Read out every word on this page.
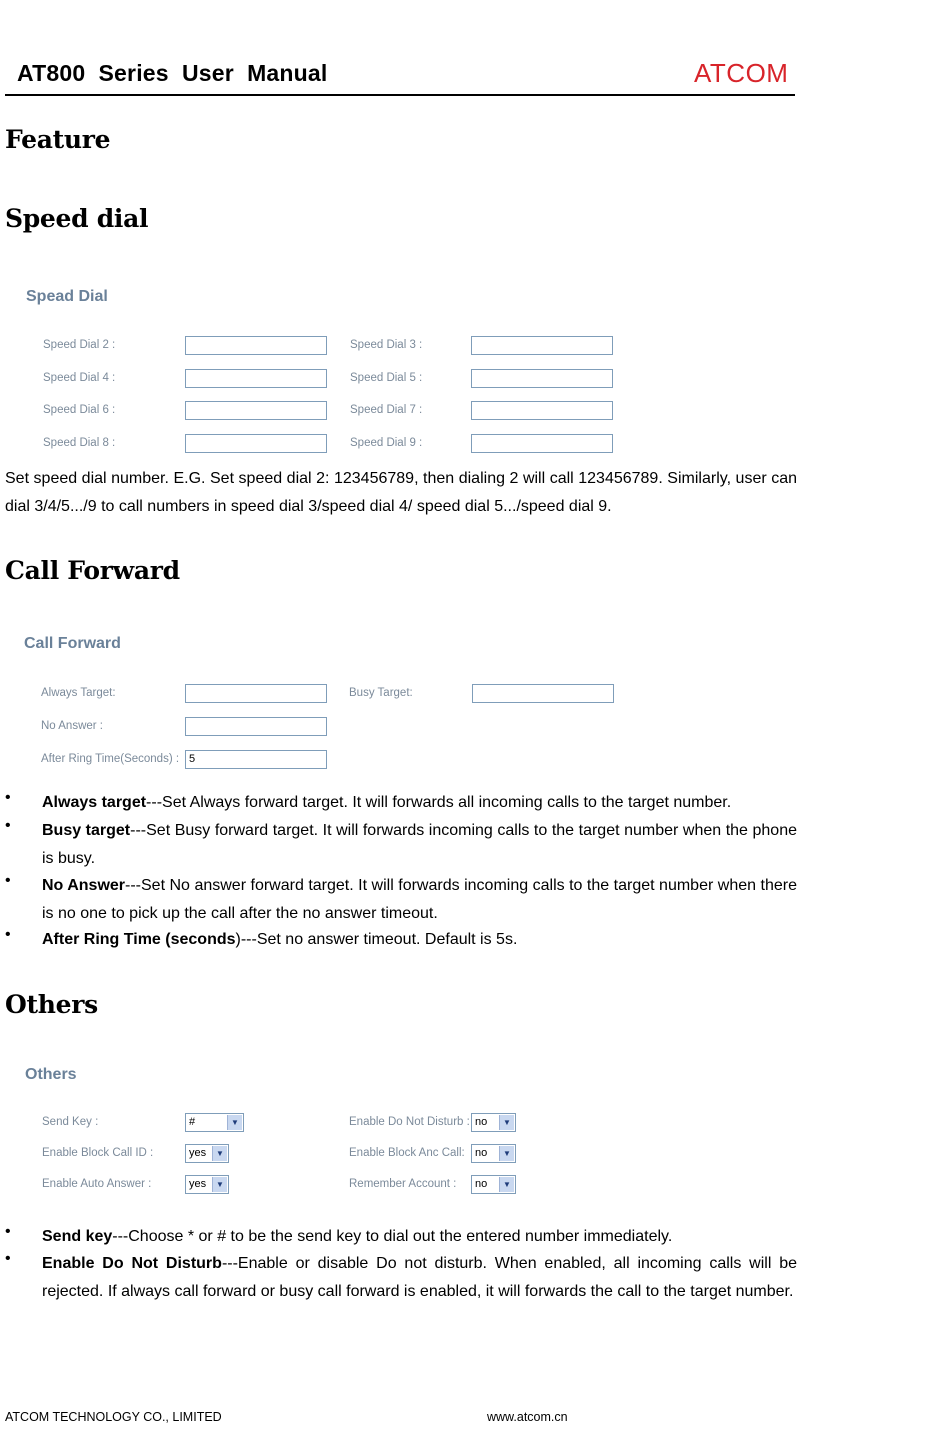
AT800  Series  User  Manual	ATCOM
Feature
Speed dial
Spead Dial
Speed Dial 2 :	Speed Dial 3 :
Speed Dial 4 :	Speed Dial 5 :
Speed Dial 6 :	Speed Dial 7 :
Speed Dial 8 :	Speed Dial 9 :
Set speed dial number. E.G. Set speed dial 2: 123456789, then dialing 2 will call 123456789. Similarly, user can dial 3/4/5.../9 to call numbers in speed dial 3/speed dial 4/ speed dial 5.../speed dial 9.
Call Forward
Call Forward
Always Target:	Busy Target:
No Answer :
After Ring Time(Seconds) : 5
• Always target---Set Always forward target. It will forwards all incoming calls to the target number.
• Busy target---Set Busy forward target. It will forwards incoming calls to the target number when the phone is busy.
• No Answer---Set No answer forward target. It will forwards incoming calls to the target number when there is no one to pick up the call after the no answer timeout.
• After Ring Time (seconds)---Set no answer timeout. Default is 5s.
Others
Others
Send Key :	#	▼	Enable Do Not Disturb : no	▼
Enable Block Call ID :	yes	▼	Enable Block Anc Call: no	▼
Enable Auto Answer :	yes	▼	Remember Account :	no	▼
• Send key---Choose * or # to be the send key to dial out the entered number immediately.
• Enable Do Not Disturb---Enable or disable Do not disturb. When enabled, all incoming calls will be rejected. If always call forward or busy call forward is enabled, it will forwards the call to the target number.
ATCOM TECHNOLOGY CO., LIMITED	www.atcom.cn
